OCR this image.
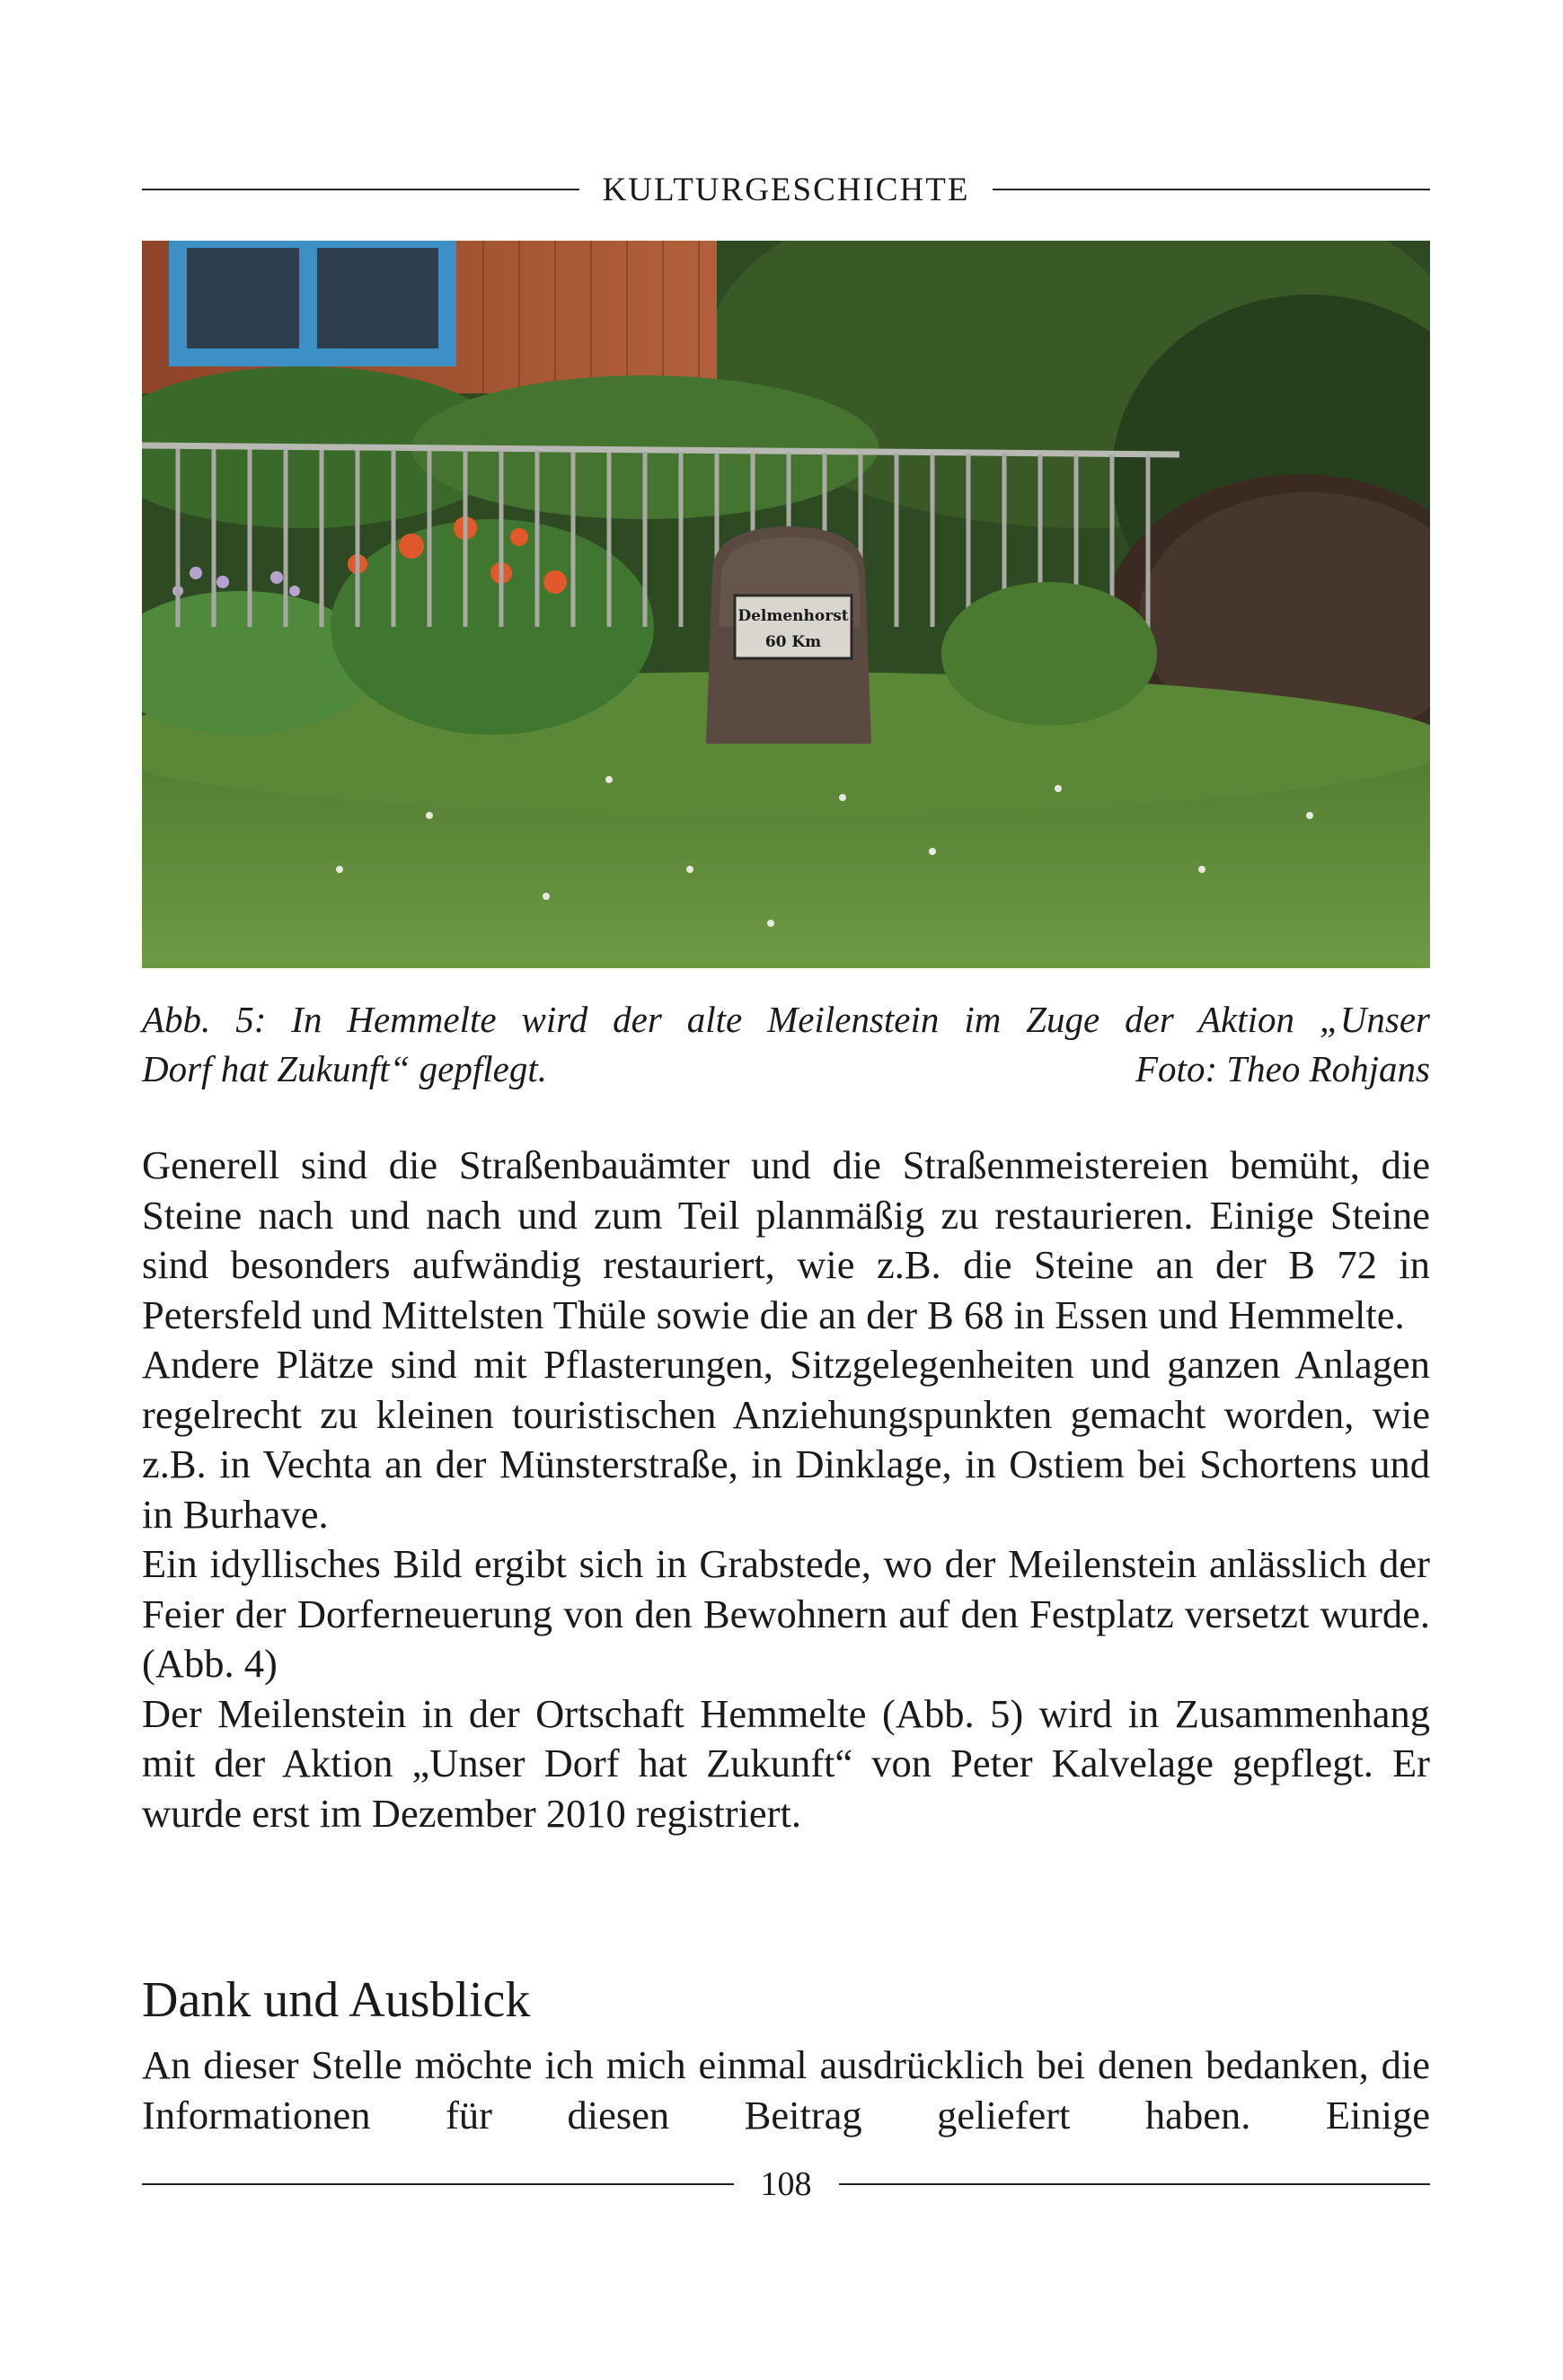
KULTURGESCHICHTE
Delmenhorst
60 Km
Abb. 5: In Hemmelte wird der alte Meilenstein im Zuge der Aktion „Unser
Dorf hat Zukunft“ gepflegt.	Foto: Theo Rohjans

Generell sind die Straßenbauämter und die Straßenmeistereien bemüht, die Steine nach und nach und zum Teil planmäßig zu restaurieren. Einige Steine sind besonders aufwändig restauriert, wie z.B. die Steine an der B 72 in Petersfeld und Mittelsten Thüle sowie die an der B 68 in Essen und Hemmelte.

Andere Plätze sind mit Pflasterungen, Sitzgelegenheiten und ganzen Anlagen regelrecht zu kleinen touristischen Anziehungspunkten gemacht worden, wie z.B. in Vechta an der Münsterstraße, in Dinklage, in Ostiem bei Schortens und in Burhave.

Ein idyllisches Bild ergibt sich in Grabstede, wo der Meilenstein anlässlich der Feier der Dorferneuerung von den Bewohnern auf den Festplatz versetzt wurde. (Abb. 4)

Der Meilenstein in der Ortschaft Hemmelte (Abb. 5) wird in Zusammenhang mit der Aktion „Unser Dorf hat Zukunft“ von Peter Kalvelage gepflegt. Er wurde erst im Dezember 2010 registriert.

Dank und Ausblick

An dieser Stelle möchte ich mich einmal ausdrücklich bei denen bedanken, die Informationen für diesen Beitrag geliefert haben. Einige

108
